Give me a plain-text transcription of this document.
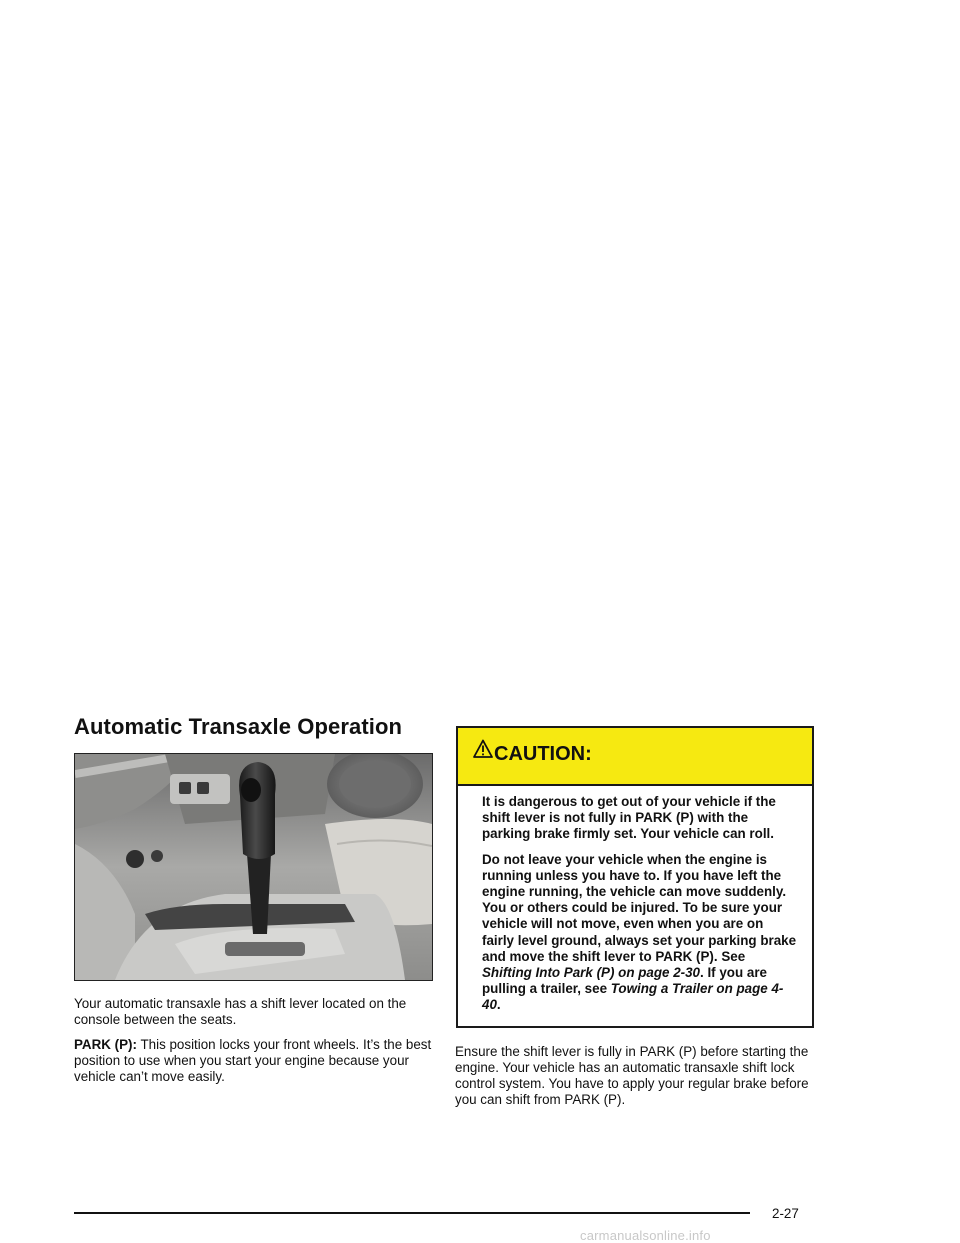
Automatic Transaxle Operation
Your automatic transaxle has a shift lever located on the console between the seats.
PARK (P): This position locks your front wheels. It’s the best position to use when you start your engine because your vehicle can’t move easily.
CAUTION:

It is dangerous to get out of your vehicle if the shift lever is not fully in PARK (P) with the parking brake firmly set. Your vehicle can roll.

Do not leave your vehicle when the engine is running unless you have to. If you have left the engine running, the vehicle can move suddenly. You or others could be injured. To be sure your vehicle will not move, even when you are on fairly level ground, always set your parking brake and move the shift lever to PARK (P). See Shifting Into Park (P) on page 2-30. If you are pulling a trailer, see Towing a Trailer on page 4-40.

Ensure the shift lever is fully in PARK (P) before starting the engine. Your vehicle has an automatic transaxle shift lock control system. You have to apply your regular brake before you can shift from PARK (P).
2-27
carmanualsonline.info
